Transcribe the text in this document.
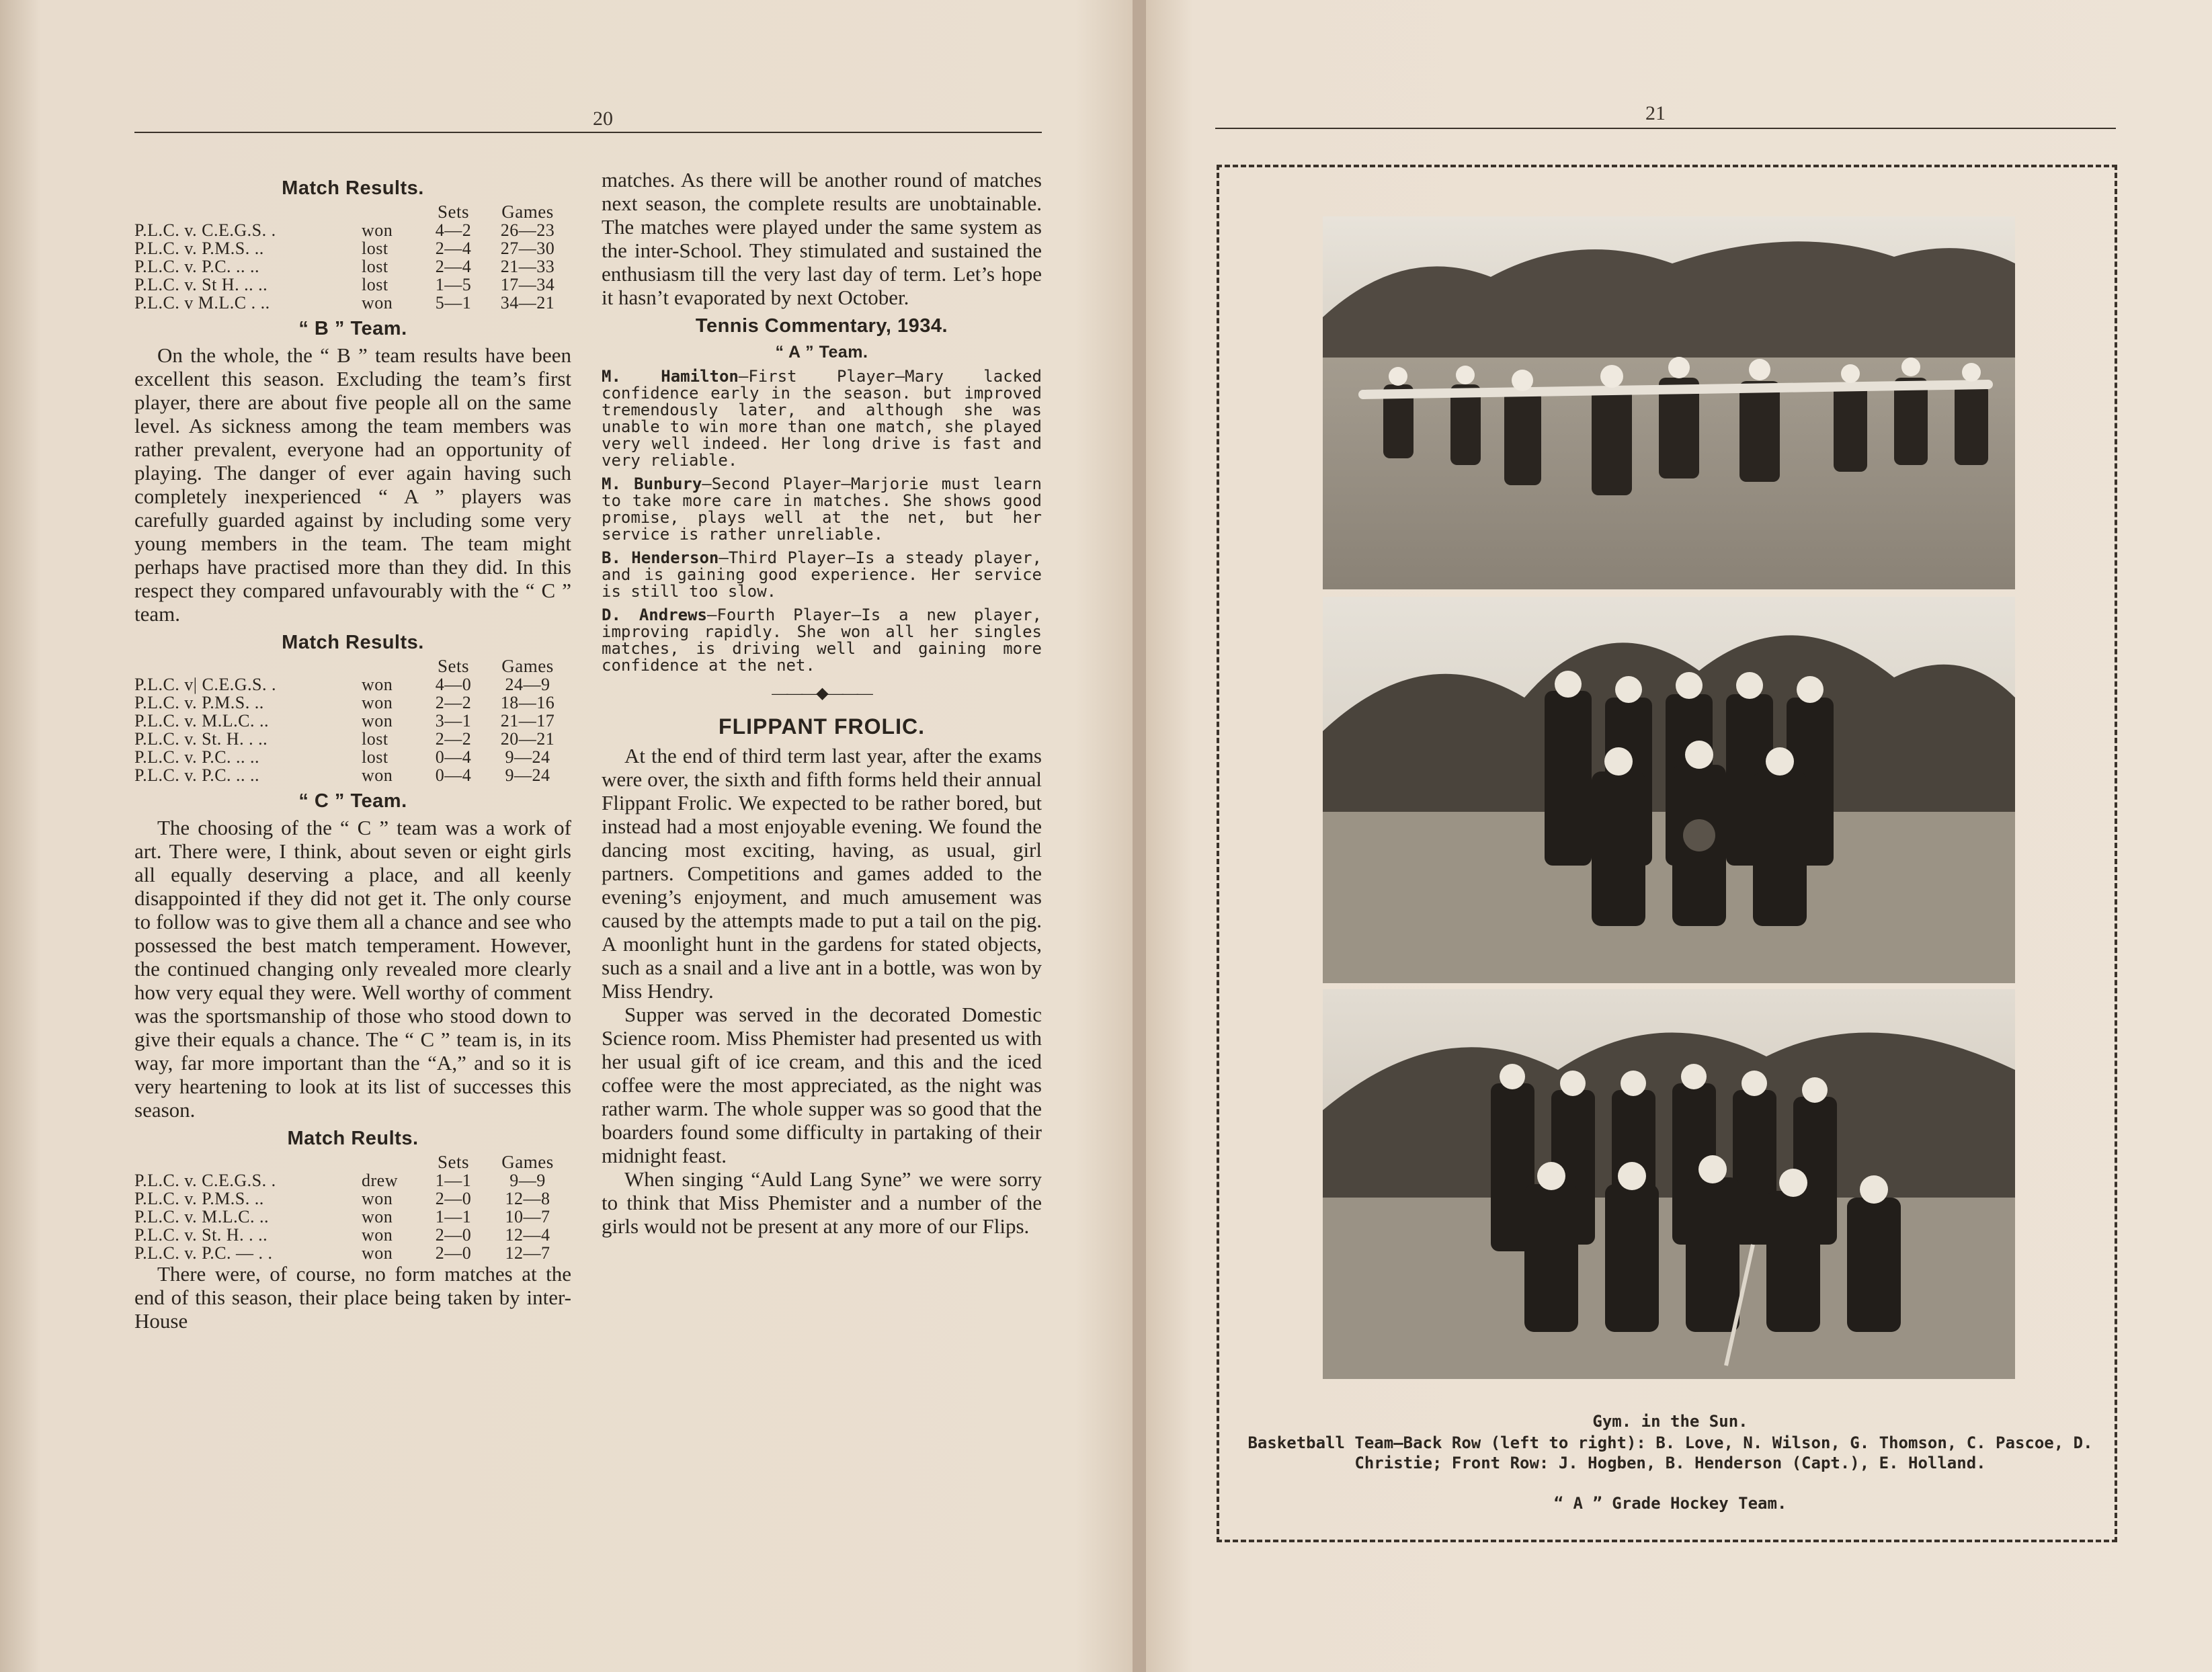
20
Match Results.
		Sets	Games
P.L.C. v. C.E.G.S. .	won	4—2	26—23
P.L.C. v. P.M.S. ..	lost	2—4	27—30
P.L.C. v. P.C. .. ..	lost	2—4	21—33
P.L.C. v. St H. .. ..	lost	1—5	17—34
P.L.C. v M.L.C . ..	won	5—1	34—21
“ B ” Team.

On the whole, the “ B ” team results have been excellent this season. Excluding the team’s first player, there are about five people all on the same level. As sickness among the team members was rather prevalent, everyone had an opportunity of playing. The danger of ever again having such completely inexperienced “ A ” players was carefully guarded against by including some very young members in the team. The team might perhaps have practised more than they did. In this respect they compared unfavourably with the “ C ” team.

Match Results.
		Sets	Games
P.L.C. v| C.E.G.S. .	won	4—0	24—9
P.L.C. v. P.M.S. ..	won	2—2	18—16
P.L.C. v. M.L.C. ..	won	3—1	21—17
P.L.C. v. St. H. . ..	lost	2—2	20—21
P.L.C. v. P.C. .. ..	lost	0—4	9—24
P.L.C. v. P.C. .. ..	won	0—4	9—24
“ C ” Team.

The choosing of the “ C ” team was a work of art. There were, I think, about seven or eight girls all equally deserving a place, and all keenly disappointed if they did not get it. The only course to follow was to give them all a chance and see who possessed the best match temperament. However, the continued changing only revealed more clearly how very equal they were. Well worthy of comment was the sportsmanship of those who stood down to give their equals a chance. The “ C ” team is, in its way, far more important than the “A,” and so it is very heartening to look at its list of successes this season.

Match Reults.
		Sets	Games
P.L.C. v. C.E.G.S. .	drew	1—1	9—9
P.L.C. v. P.M.S. ..	won	2—0	12—8
P.L.C. v. M.L.C. ..	won	1—1	10—7
P.L.C. v. St. H. . ..	won	2—0	12—4
P.L.C. v. P.C. — . .	won	2—0	12—7

There were, of course, no form matches at the end of this season, their place being taken by inter-House

matches. As there will be another round of matches next season, the complete results are unobtainable. The matches were played under the same system as the inter-School. They stimulated and sustained the enthusiasm till the very last day of term. Let’s hope it hasn’t evaporated by next October.

Tennis Commentary, 1934.
“ A ” Team.
M. Hamilton—First Player—Mary lacked confidence early in the season. but improved tremendously later, and although she was unable to win more than one match, she played very well indeed. Her long drive is fast and very reliable.
M. Bunbury—Second Player—Marjorie must learn to take more care in matches. She shows good promise, plays well at the net, but her service is rather unreliable.
B. Henderson—Third Player—Is a steady player, and is gaining good experience. Her service is still too slow.
D. Andrews—Fourth Player—Is a new player, improving rapidly. She won all her singles matches, is driving well and gaining more confidence at the net.
———◆———
FLIPPANT FROLIC.

At the end of third term last year, after the exams were over, the sixth and fifth forms held their annual Flippant Frolic. We expected to be rather bored, but instead had a most enjoyable evening. We found the dancing most exciting, having, as usual, girl partners. Competitions and games added to the evening’s enjoyment, and much amusement was caused by the attempts made to put a tail on the pig. A moonlight hunt in the gardens for stated objects, such as a snail and a live ant in a bottle, was won by Miss Hendry.

Supper was served in the decorated Domestic Science room. Miss Phemister had presented us with her usual gift of ice cream, and this and the iced coffee were the most appreciated, as the night was rather warm. The whole supper was so good that the boarders found some difficulty in partaking of their midnight feast.

When singing “Auld Lang Syne” we were sorry to think that Miss Phemister and a number of the girls would not be present at any more of our Flips.

21
Gym. in the Sun.
Basketball Team—Back Row (left to right): B. Love, N. Wilson, G. Thomson, C. Pascoe, D. Christie; Front Row: J. Hogben, B. Henderson (Capt.), E. Holland.
“ A ” Grade Hockey Team.
